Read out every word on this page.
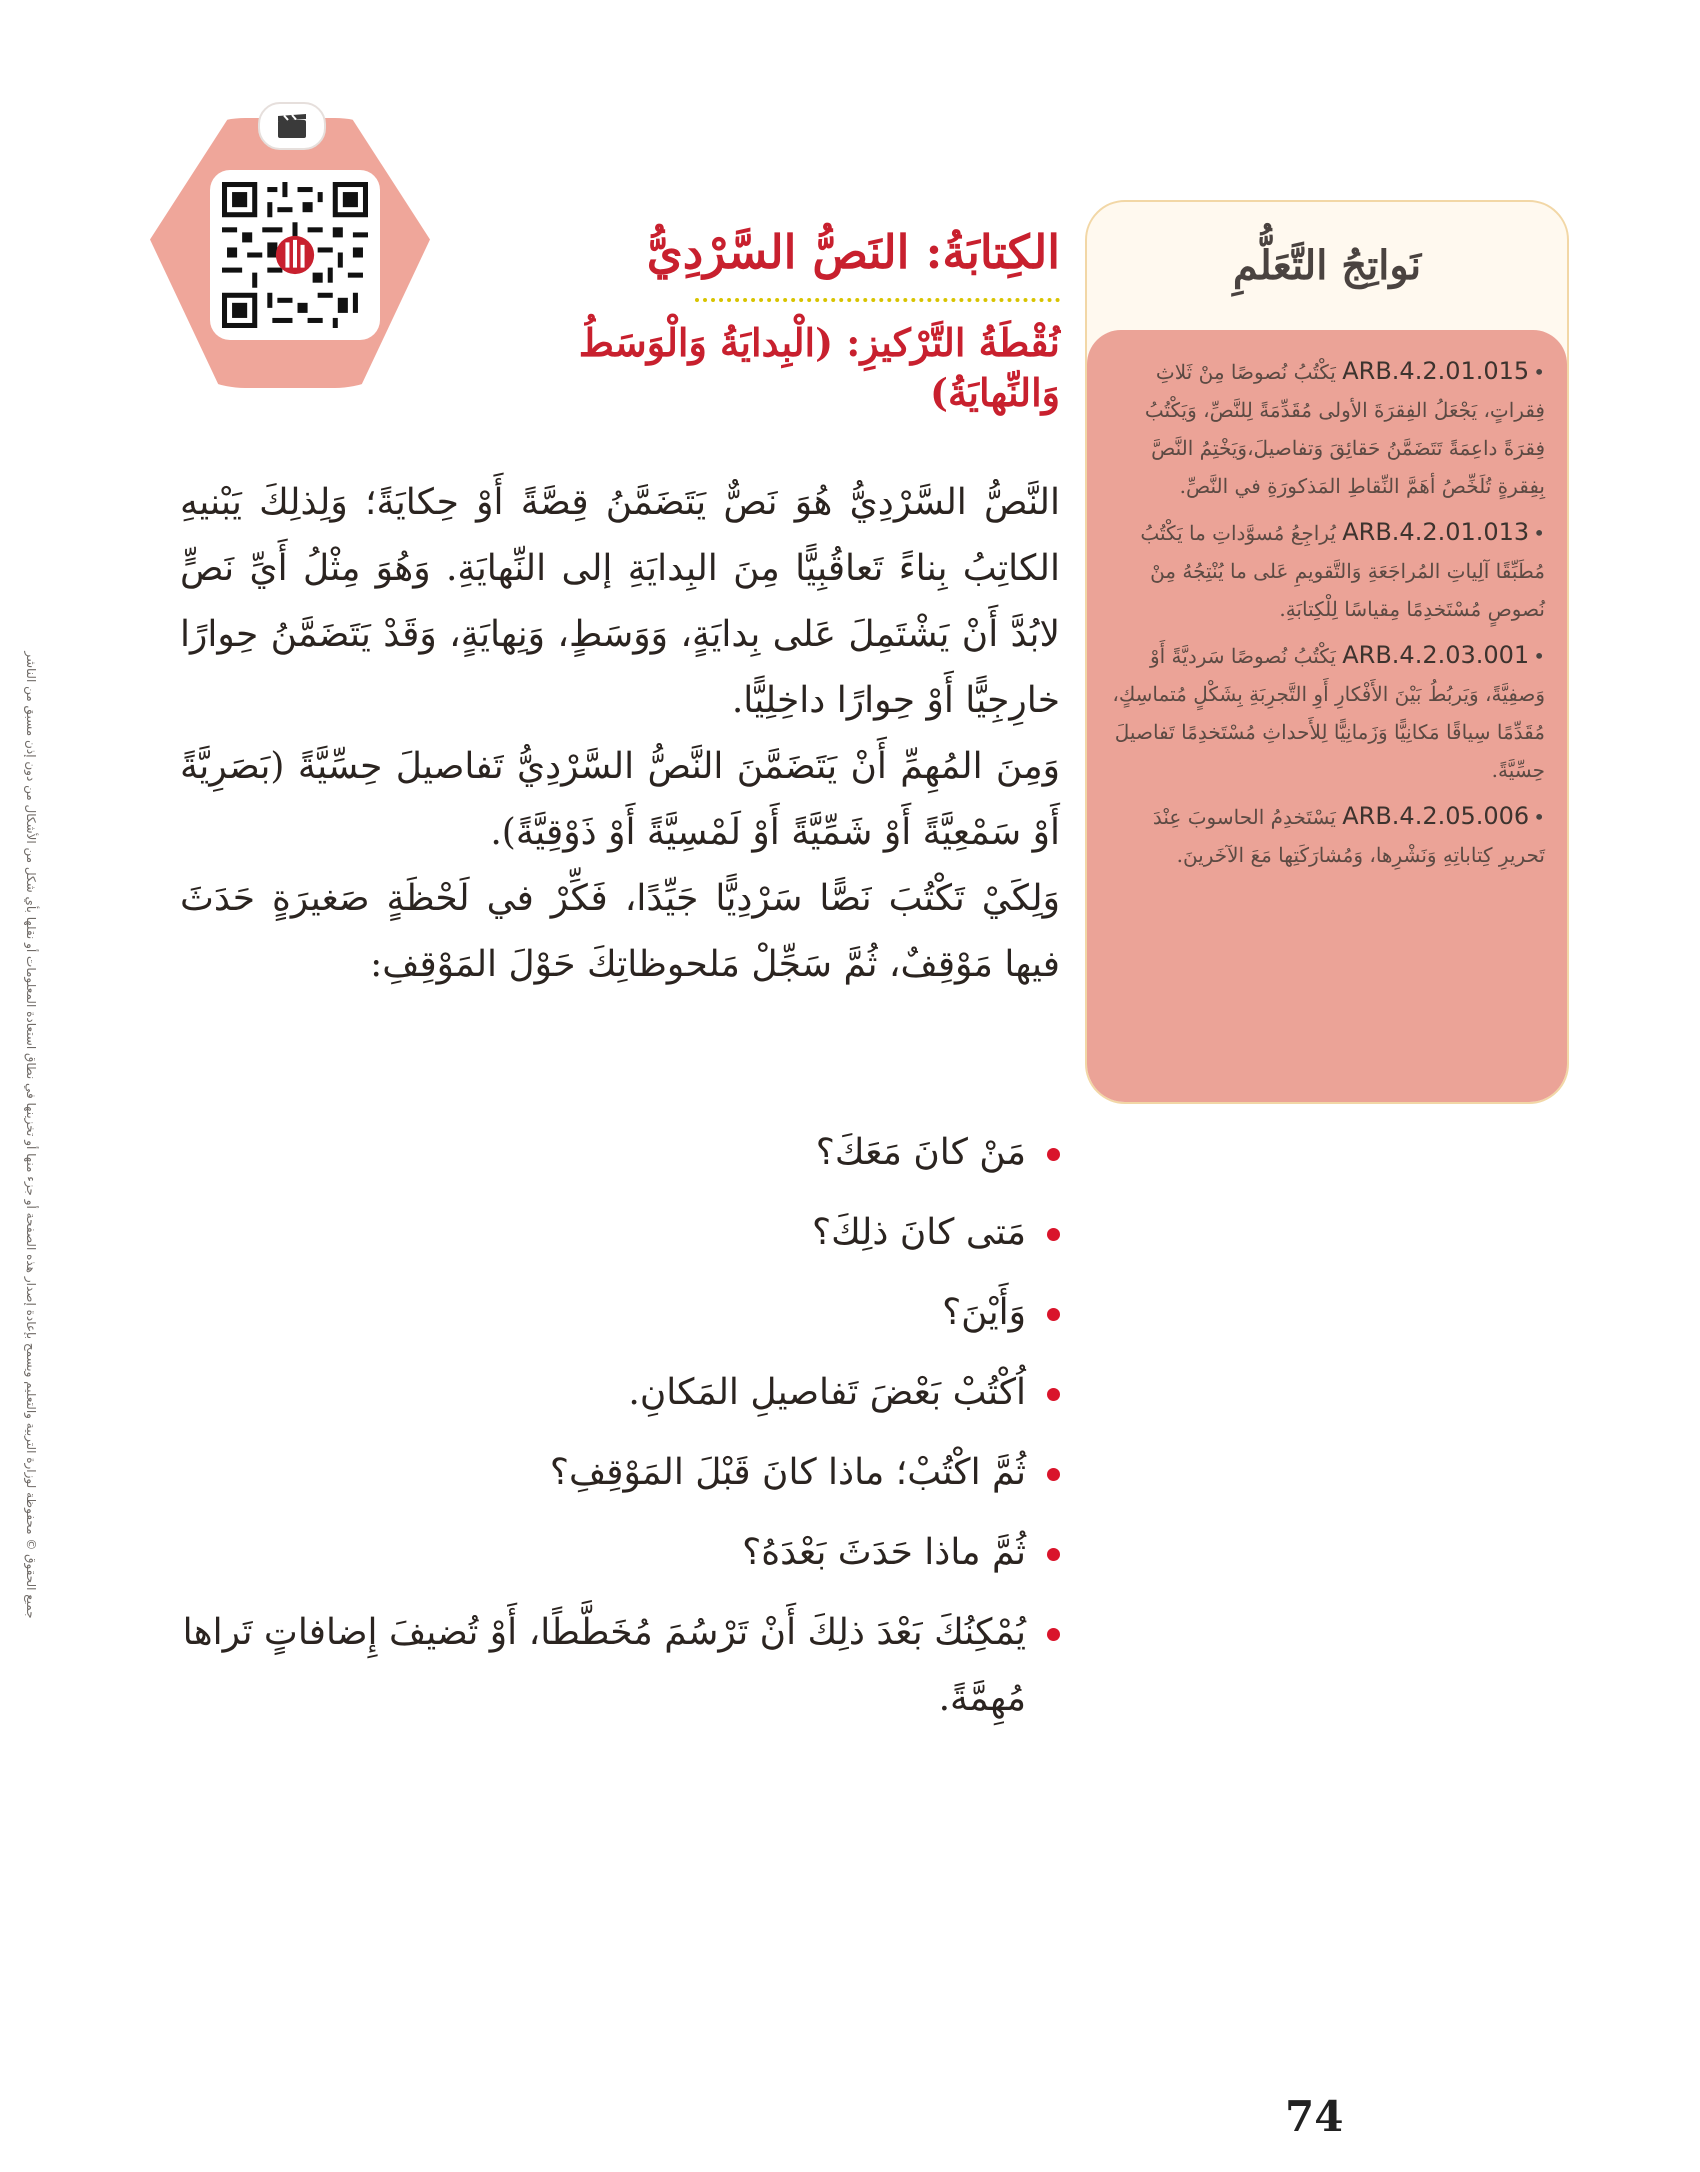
جميع الحقوق © محفوظة لوزارة التربية والتعليم ويسمح بإعادة إصدار هذه الصفحة أو جزء منها أو تخزينها في نطاق استعادة المعلومات أو نقلها بأي شكل من الأشكال من دون إذن مسبق من الناشر
الكِتابَةُ: النَصُّ السَّرْدِيُّ
نُقْطَةُ التَّرْكيزِ: (الْبِدايَةُ وَالْوَسَطُ وَالنِّهايَةُ)
نَواتِجُ التَّعَلُّمِ
•ARB.4.2.01.015 يَكْتُبُ نُصوصًا مِنْ ثَلاثِ فِقراتٍ، يَجْعَلُ الفِقرَةَ الأولى مُقَدِّمَةً لِلنَّصِّ، وَيَكْتُبُ فِقرَةً داعِمَةً تَتَضَمَّنُ حَقائِقَ وَتفاصيلَ،وَيَخْتِمُ النَّصَّ بِفِقرةٍ تُلَخِّصُ أهَمَّ النِّقاطِ المَذكورَةِ في النَّصِّ.
•ARB.4.2.01.013 يُراجِعُ مُسوَّداتِ ما يَكْتُبُ مُطَبِّقًا آلِياتِ المُراجَعَةِ وَالتَّقويمِ عَلى ما يُنْتِجُهُ مِنْ نُصوصٍ مُسْتَخدِمًا مِقياسًا لِلْكِتابَةِ.
•ARB.4.2.03.001 يَكْتُبُ نُصوصًا سَرديَّةً أَوْ وَصفِيَّةً، وَيَربُطُ بَيْنَ الأَفْكارِ أَوِ التَّجرِبَةِ بِشَكْلٍ مُتماسِكٍ، مُقَدِّمًا سِياقًا مَكانِيًّا وَزَمانِيًّا لِلأَحداثِ مُسْتَخدِمًا تَفاصيلَ حِسِّيَّةً.
•ARB.4.2.05.006 يَسْتَخدِمُ الحاسوبَ عِنْدَ تَحريرِ كِتاباتِهِ وَنَشْرِها، وَمُشارَكَتِها مَعَ الآخَرينَ.

النَّصُّ السَّرْدِيُّ هُوَ نَصٌّ يَتَضَمَّنُ قِصَّةً أَوْ حِكايَةً؛ وَلِذلِكَ يَبْنيهِ الكاتِبُ بِناءً تَعاقُبِيًّا مِنَ البِدايَةِ إلى النِّهايَةِ. وَهُوَ مِثْلُ أَيِّ نَصٍّ لابُدَّ أَنْ يَشْتَمِلَ عَلى بِدايَةٍ، وَوَسَطٍ، وَنِهايَةٍ، وَقَدْ يَتَضَمَّنُ حِوارًا خارِجِيًّا أَوْ حِوارًا داخِلِيًّا.

وَمِنَ المُهِمِّ أَنْ يَتَضَمَّنَ النَّصُّ السَّرْدِيُّ تَفاصيلَ حِسِّيَّةً (بَصَرِيَّةً أَوْ سَمْعِيَّةً أَوْ شَمِّيَّةً أَوْ لَمْسِيَّةً أَوْ ذَوْقِيَّةً).

وَلِكَيْ تَكْتُبَ نَصًّا سَرْدِيًّا جَيِّدًا، فَكِّرْ في لَحْظَةٍ صَغيرَةٍ حَدَثَ فيها مَوْقِفٌ، ثُمَّ سَجِّلْ مَلحوظاتِكَ حَوْلَ المَوْقِفِ:

مَنْ كانَ مَعَكَ؟
مَتى كانَ ذلِكَ؟
وَأَيْنَ؟
اُكْتُبْ بَعْضَ تَفاصيلِ المَكانِ.
ثُمَّ اكْتُبْ؛ ماذا كانَ قَبْلَ المَوْقِفِ؟
ثُمَّ ماذا حَدَثَ بَعْدَهُ؟
يُمْكِنُكَ بَعْدَ ذلِكَ أَنْ تَرْسُمَ مُخَطَّطًا، أَوْ تُضيفَ إِضافاتٍ تَراها مُهِمَّةً.
74
